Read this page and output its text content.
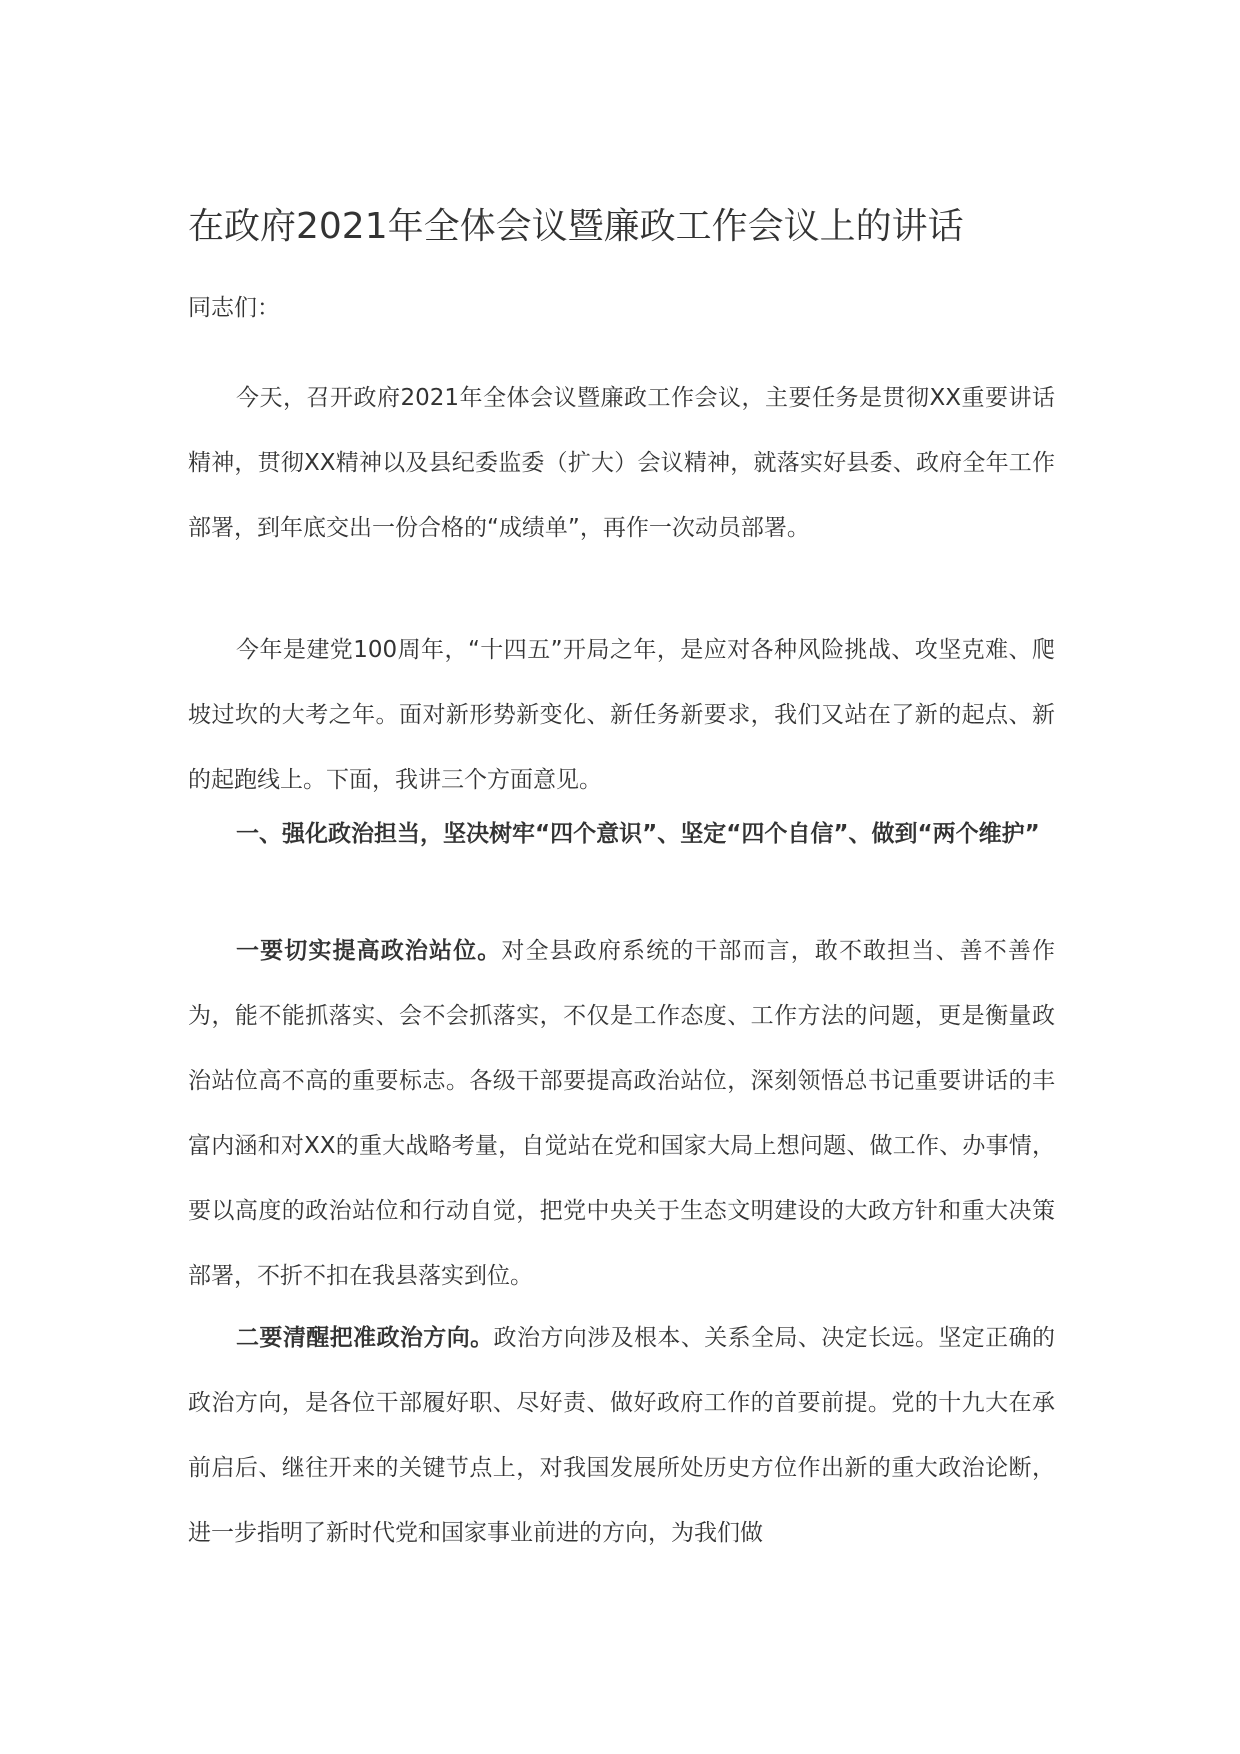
在政府2021年全体会议暨廉政工作会议上的讲话

同志们：

今天，召开政府2021年全体会议暨廉政工作会议，主要任务是贯彻XX重要讲话精神，贯彻XX精神以及县纪委监委（扩大）会议精神，就落实好县委、政府全年工作部署，到年底交出一份合格的“成绩单”，再作一次动员部署。

今年是建党100周年，“十四五”开局之年，是应对各种风险挑战、攻坚克难、爬坡过坎的大考之年。面对新形势新变化、新任务新要求，我们又站在了新的起点、新的起跑线上。下面，我讲三个方面意见。

一、强化政治担当，坚决树牢“四个意识”、坚定“四个自信”、做到“两个维护”

一要切实提高政治站位。对全县政府系统的干部而言，敢不敢担当、善不善作为，能不能抓落实、会不会抓落实，不仅是工作态度、工作方法的问题，更是衡量政治站位高不高的重要标志。各级干部要提高政治站位，深刻领悟总书记重要讲话的丰富内涵和对XX的重大战略考量，自觉站在党和国家大局上想问题、做工作、办事情，要以高度的政治站位和行动自觉，把党中央关于生态文明建设的大政方针和重大决策部署，不折不扣在我县落实到位。

二要清醒把准政治方向。政治方向涉及根本、关系全局、决定长远。坚定正确的政治方向，是各位干部履好职、尽好责、做好政府工作的首要前提。党的十九大在承前启后、继往开来的关键节点上，对我国发展所处历史方位作出新的重大政治论断，进一步指明了新时代党和国家事业前进的方向，为我们做
